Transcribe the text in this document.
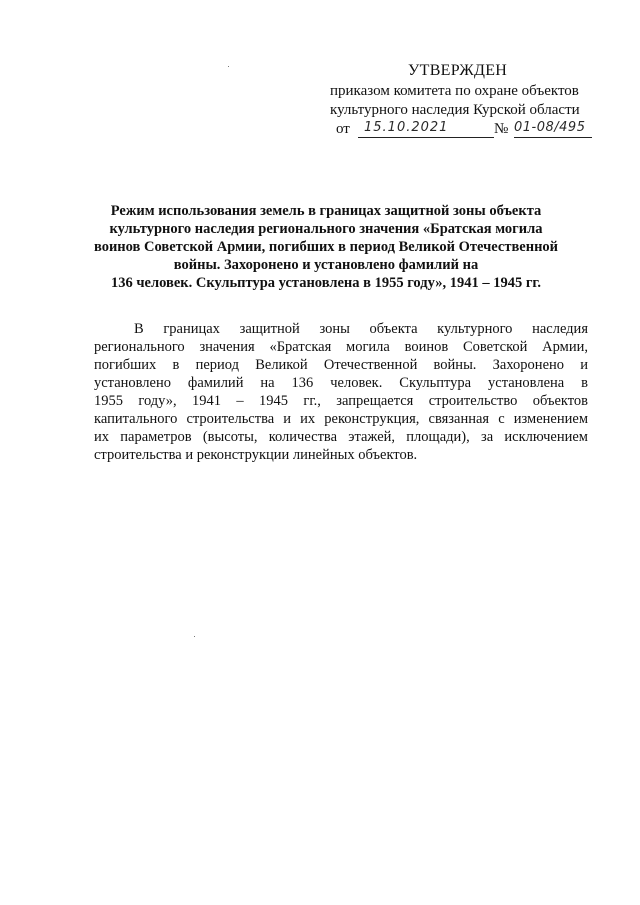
УТВЕРЖДЕН
приказом комитета по охране объектов
культурного наследия Курской области
от	15.10.2021	№ 01-08/495
Режим использования земель в границах защитной зоны объекта
культурного наследия регионального значения «Братская могила
воинов Советской Армии, погибших в период Великой Отечественной
войны. Захоронено и установлено фамилий на
136 человек. Скульптура установлена в 1955 году», 1941 – 1945 гг.
В границах защитной зоны объекта культурного наследия
регионального значения «Братская могила воинов Советской Армии,
погибших в период Великой Отечественной войны. Захоронено и
установлено фамилий на 136 человек. Скульптура установлена в
1955 году», 1941 – 1945 гг., запрещается строительство объектов
капитального строительства и их реконструкция, связанная с изменением
их параметров (высоты, количества этажей, площади), за исключением
строительства и реконструкции линейных объектов.
